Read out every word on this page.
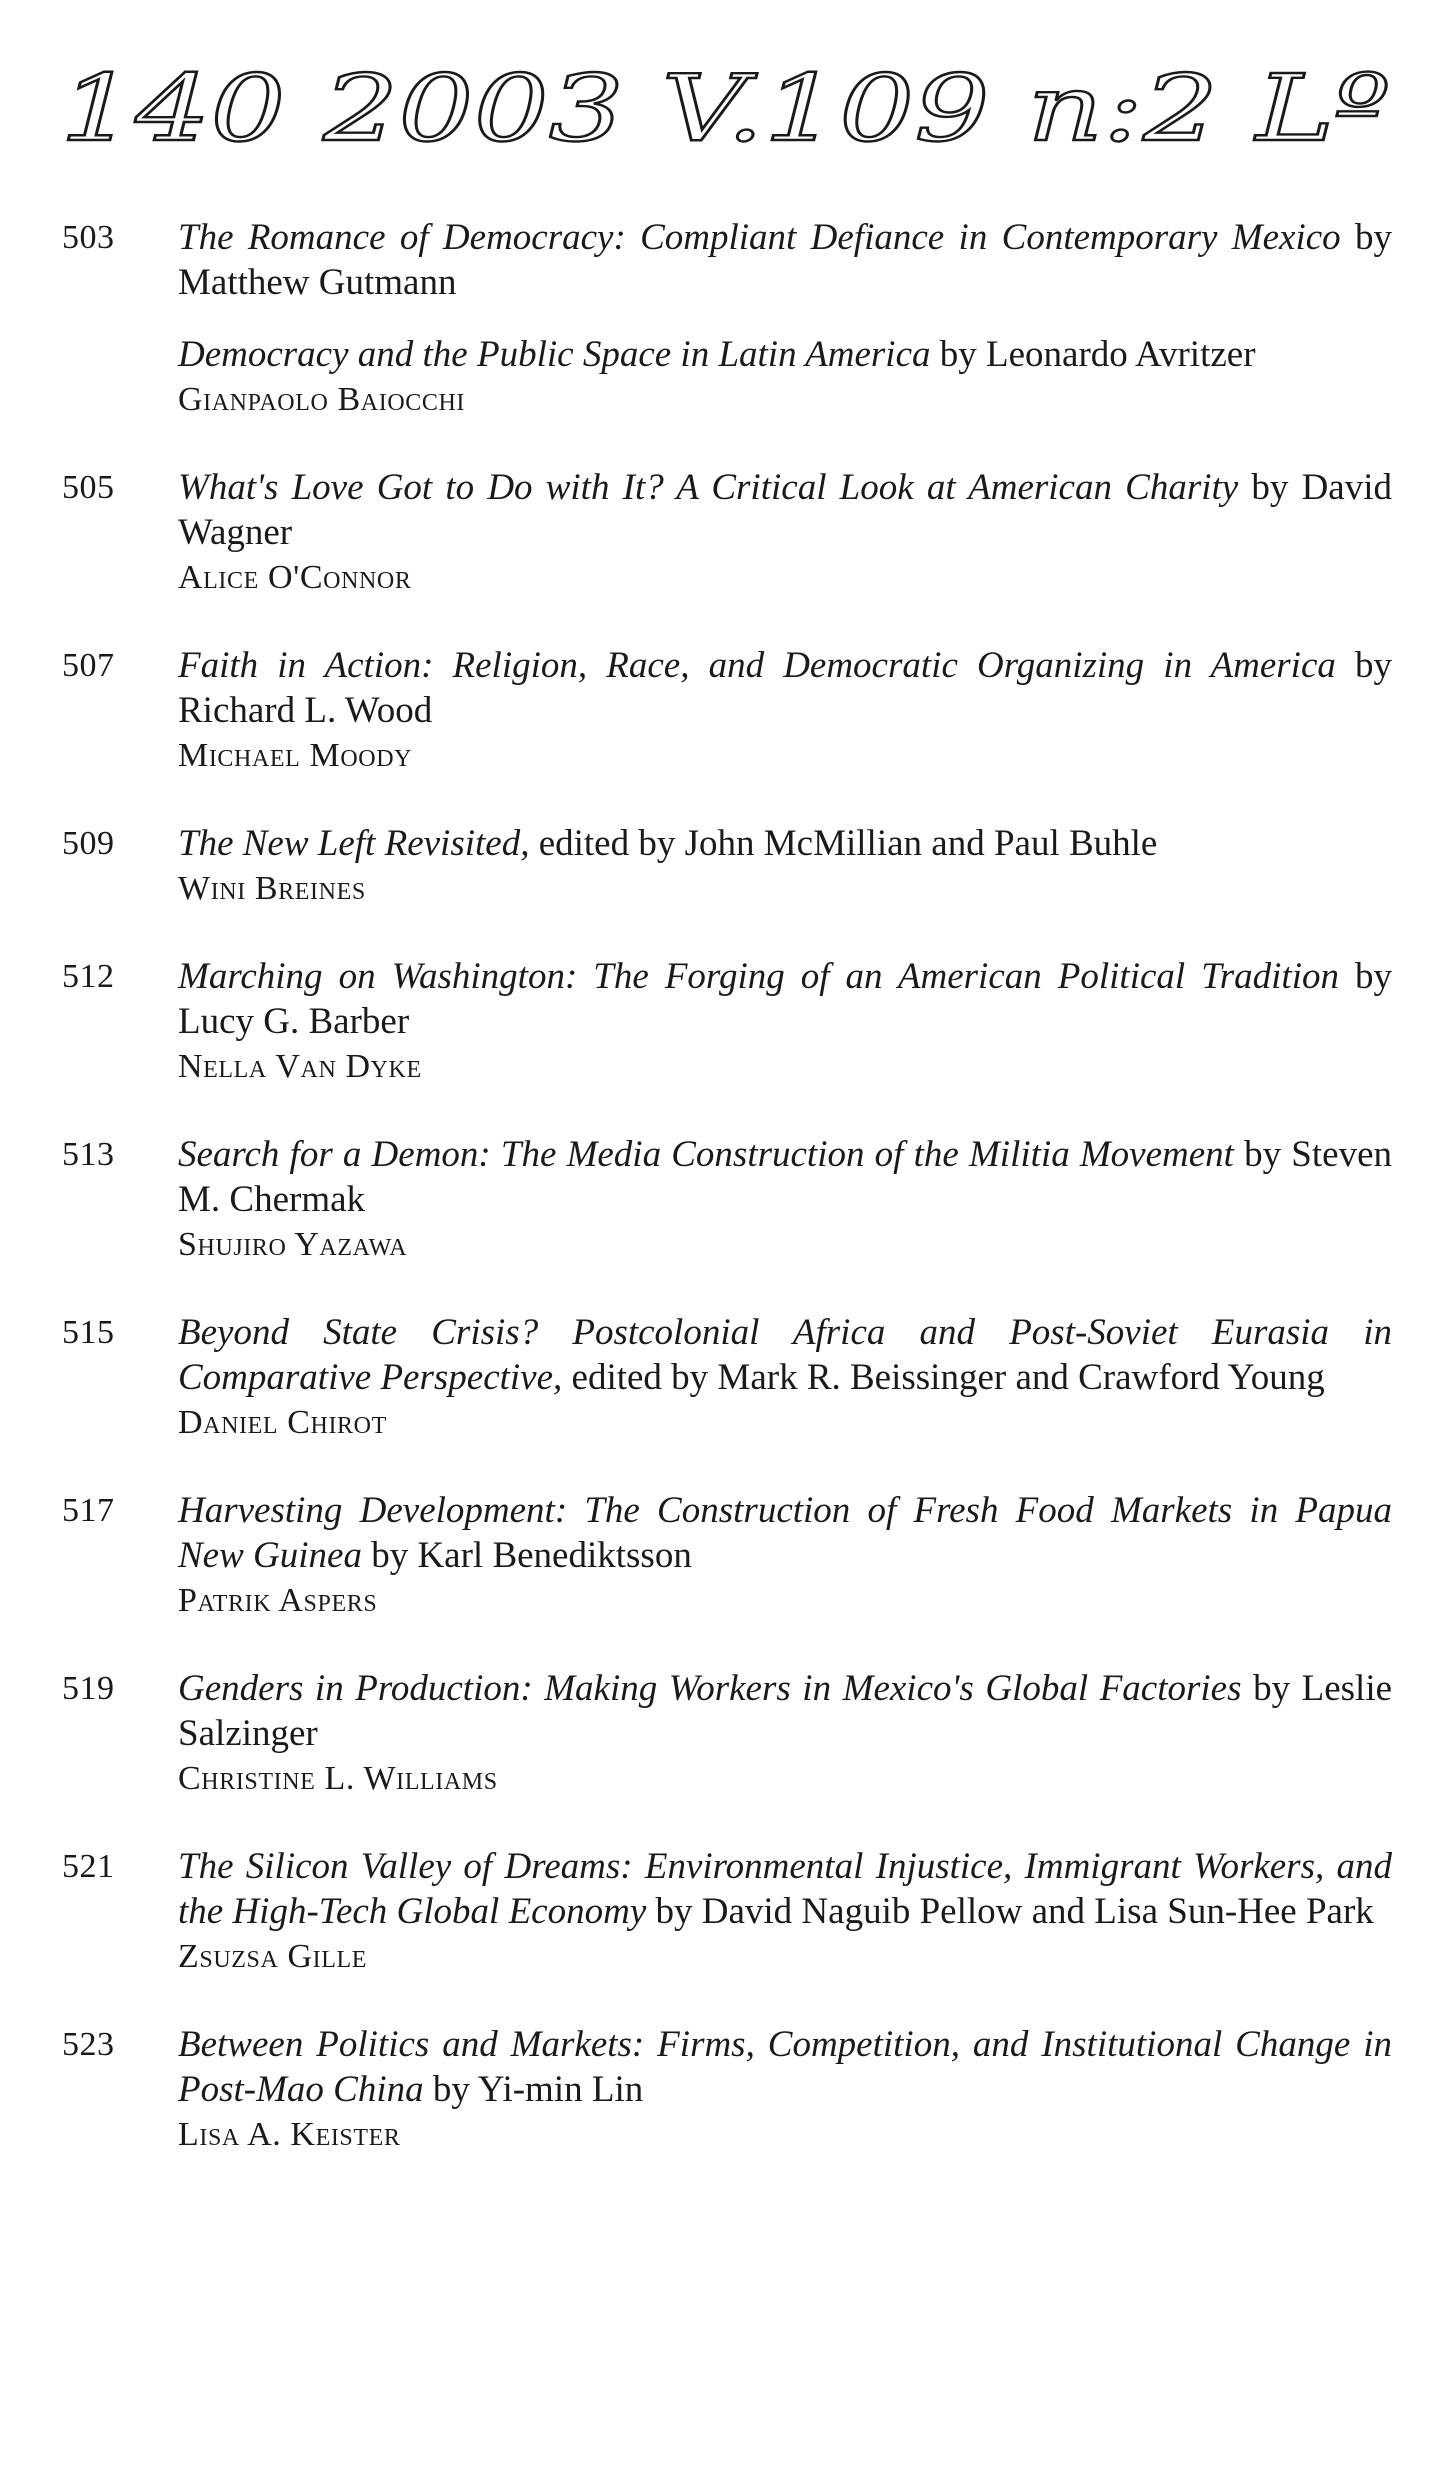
140 2003 V.109 n:2 Lº
503	The Romance of Democracy: Compliant Defiance in Contemporary Mexico by Matthew Gutmann

Democracy and the Public Space in Latin America by Leonardo Avritzer

Gianpaolo Baiocchi

505	What's Love Got to Do with It? A Critical Look at American Charity by David Wagner

Alice O'Connor

507	Faith in Action: Religion, Race, and Democratic Organizing in America by Richard L. Wood

Michael Moody

509	The New Left Revisited, edited by John McMillian and Paul Buhle

Wini Breines

512	Marching on Washington: The Forging of an American Political Tradition by Lucy G. Barber

Nella Van Dyke

513	Search for a Demon: The Media Construction of the Militia Movement by Steven M. Chermak

Shujiro Yazawa

515	Beyond State Crisis? Postcolonial Africa and Post-Soviet Eurasia in Comparative Perspective, edited by Mark R. Beissinger and Crawford Young

Daniel Chirot

517	Harvesting Development: The Construction of Fresh Food Markets in Papua New Guinea by Karl Benediktsson

Patrik Aspers

519	Genders in Production: Making Workers in Mexico's Global Factories by Leslie Salzinger

Christine L. Williams

521	The Silicon Valley of Dreams: Environmental Injustice, Immigrant Workers, and the High-Tech Global Economy by David Naguib Pellow and Lisa Sun-Hee Park

Zsuzsa Gille

523	Between Politics and Markets: Firms, Competition, and Institutional Change in Post-Mao China by Yi-min Lin

Lisa A. Keister
